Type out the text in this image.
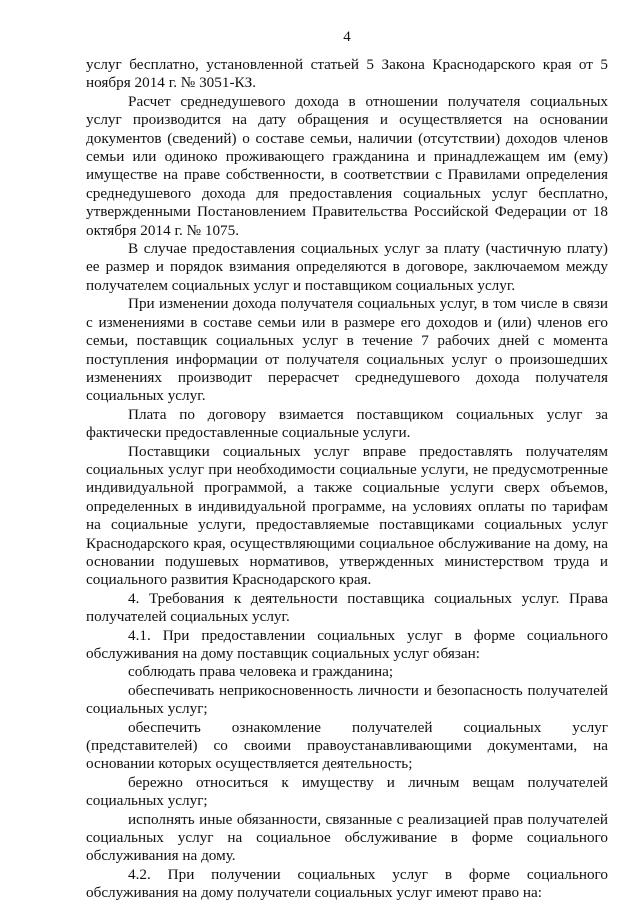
4

услуг бесплатно, установленной статьей 5 Закона Краснодарского края от 5 ноября 2014 г. № 3051-КЗ.

Расчет среднедушевого дохода в отношении получателя социальных услуг производится на дату обращения и осуществляется на основании документов (сведений) о составе семьи, наличии (отсутствии) доходов членов семьи или одиноко проживающего гражданина и принадлежащем им (ему) имуществе на праве собственности, в соответствии с Правилами определения среднедушевого дохода для предоставления социальных услуг бесплатно, утвержденными Постановлением Правительства Российской Федерации от 18 октября 2014 г. № 1075.

В случае предоставления социальных услуг за плату (частичную плату) ее размер и порядок взимания определяются в договоре, заключаемом между получателем социальных услуг и поставщиком социальных услуг.

При изменении дохода получателя социальных услуг, в том числе в связи с изменениями в составе семьи или в размере его доходов и (или) членов его семьи, поставщик социальных услуг в течение 7 рабочих дней с момента поступления информации от получателя социальных услуг о произошедших изменениях производит перерасчет среднедушевого дохода получателя социальных услуг.

Плата по договору взимается поставщиком социальных услуг за фактически предоставленные социальные услуги.

Поставщики социальных услуг вправе предоставлять получателям социальных услуг при необходимости социальные услуги, не предусмотренные индивидуальной программой, а также социальные услуги сверх объемов, определенных в индивидуальной программе, на условиях оплаты по тарифам на социальные услуги, предоставляемые поставщиками социальных услуг Краснодарского края, осуществляющими социальное обслуживание на дому, на основании подушевых нормативов, утвержденных министерством труда и социального развития Краснодарского края.

4. Требования к деятельности поставщика социальных услуг. Права получателей социальных услуг.

4.1. При предоставлении социальных услуг в форме социального обслуживания на дому поставщик социальных услуг обязан:

соблюдать права человека и гражданина;

обеспечивать неприкосновенность личности и безопасность получателей социальных услуг;

обеспечить ознакомление получателей социальных услуг (представителей) со своими правоустанавливающими документами, на основании которых осуществляется деятельность;

бережно относиться к имуществу и личным вещам получателей социальных услуг;

исполнять иные обязанности, связанные с реализацией прав получателей социальных услуг на социальное обслуживание в форме социального обслуживания на дому.

4.2. При получении социальных услуг в форме социального обслуживания на дому получатели социальных услуг имеют право на:
